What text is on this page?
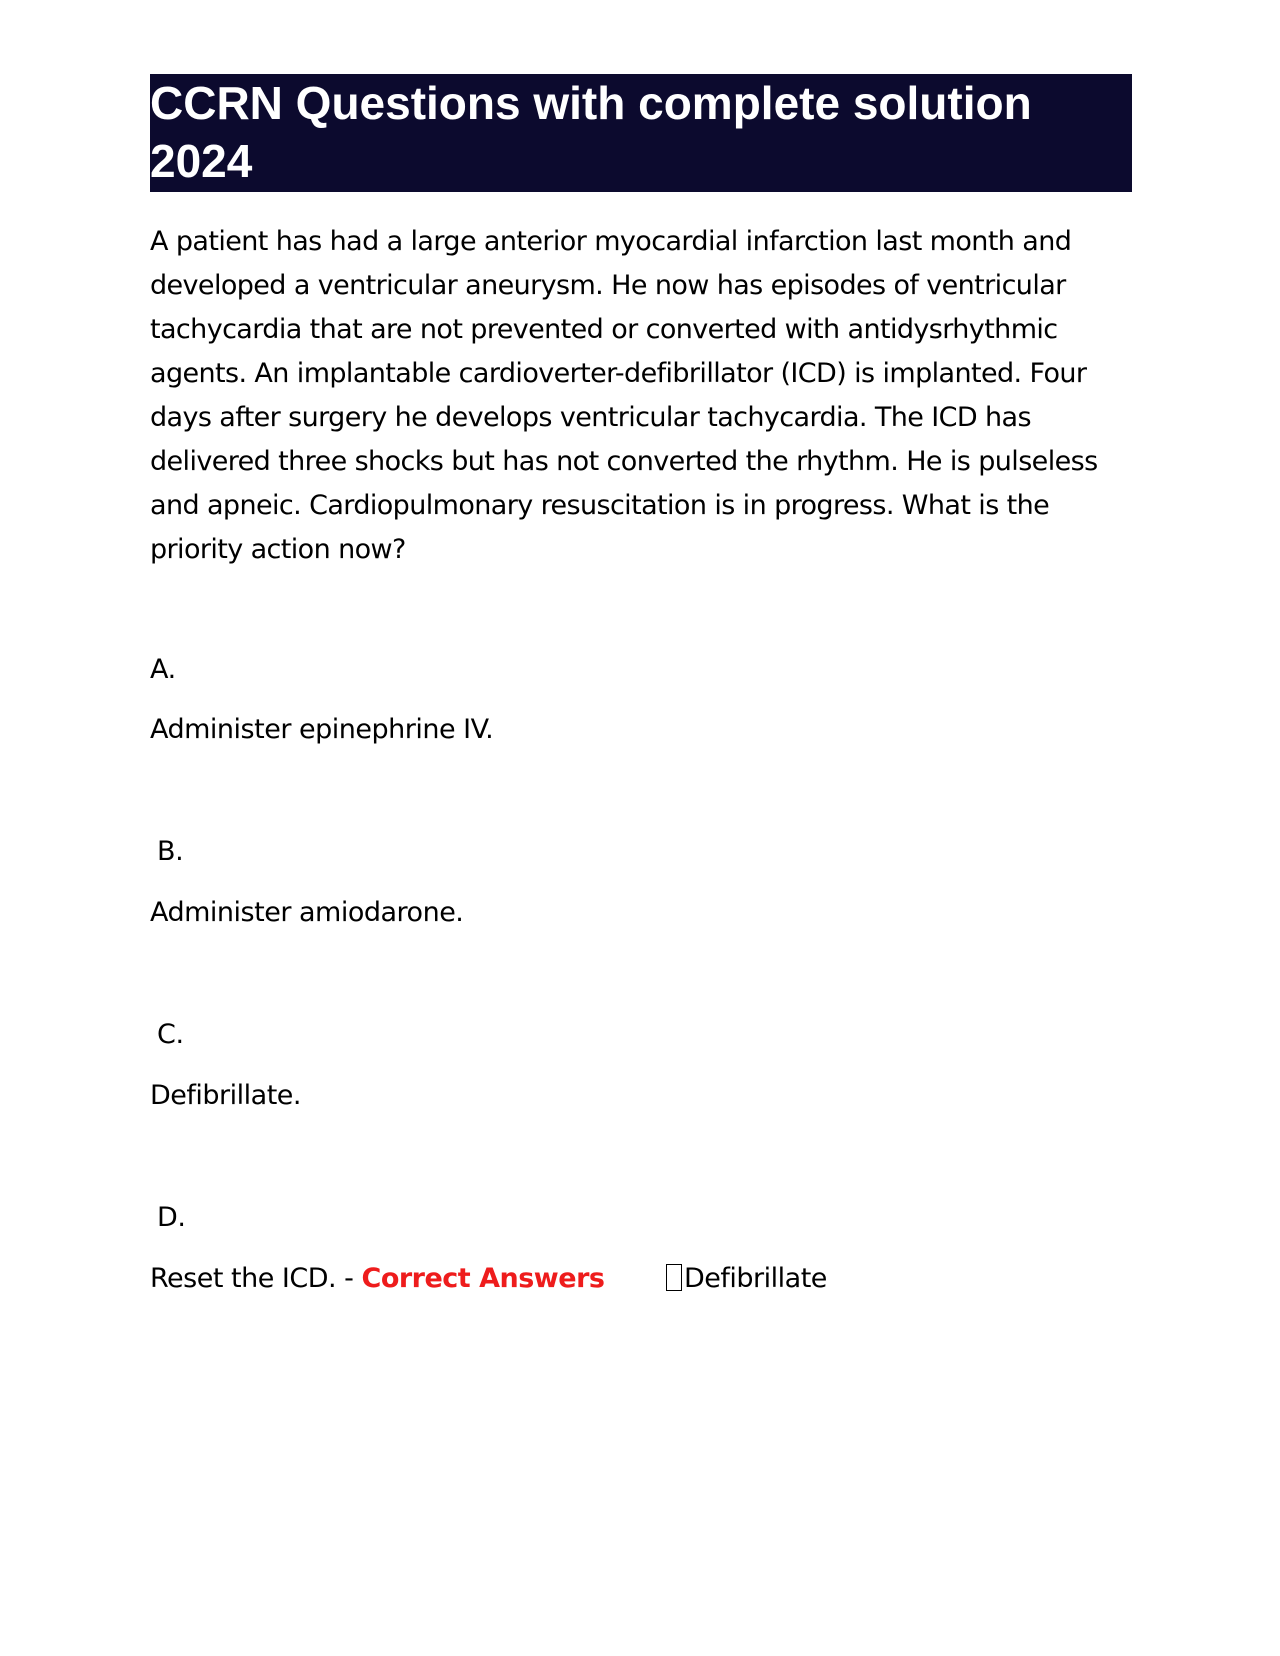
CCRN Questions with complete solution
2024
A patient has had a large anterior myocardial infarction last month and developed a ventricular aneurysm. He now has episodes of ventricular tachycardia that are not prevented or converted with antidysrhythmic agents. An implantable cardioverter-defibrillator (ICD) is implanted. Four days after surgery he develops ventricular tachycardia. The ICD has delivered three shocks but has not converted the rhythm. He is pulseless and apneic. Cardiopulmonary resuscitation is in progress. What is the priority action now?
A.
Administer epinephrine IV.
B.
Administer amiodarone.
C.
Defibrillate.
D.
Reset the ICD. - Correct Answers	Defibrillate
